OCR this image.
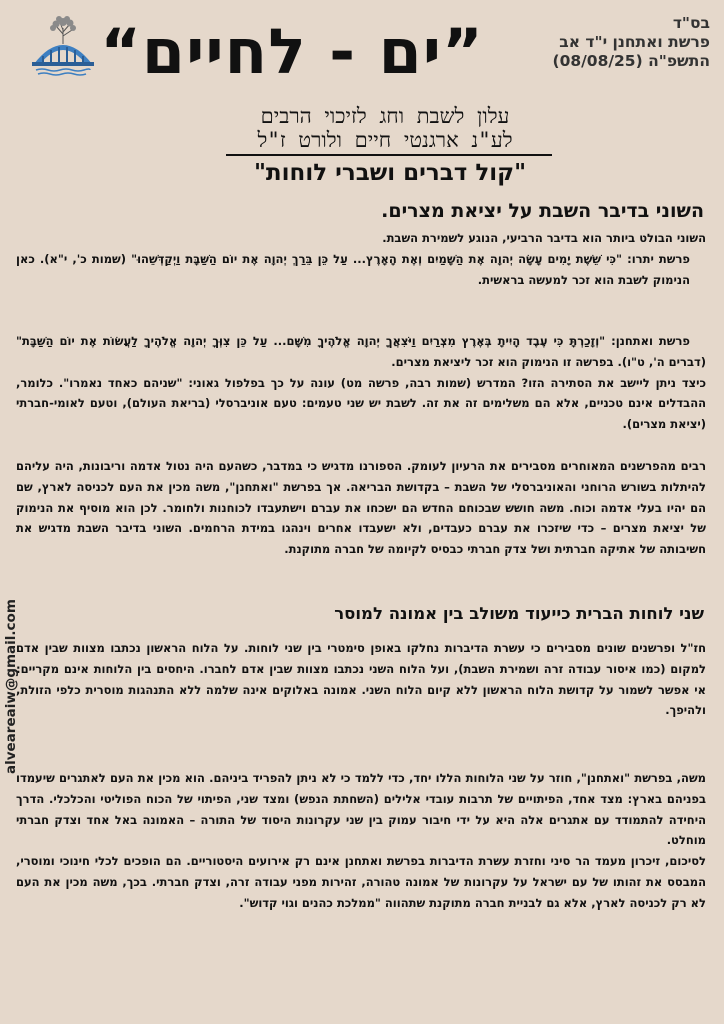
”ים - לחיים“	בס"ד
פרשת ואתחנן י"ד אב
התשפ"ה (08/08/25)
עלון לשבת וחג לזיכוי הרבים
לע"נ ארגנטי חיים ולורט ז"ל
"קול דברים ושברי לוחות"
השוני בדיבר השבת על יציאת מצרים.

השוני הבולט ביותר הוא בדיבר הרביעי, הנוגע לשמירת השבת.

פרשת יתרו: "כִּי שֵׁשֶׁת יָמִים עָשָׂה יְהוָה אֶת הַשָּׁמַיִם וְאֶת הָאָרֶץ... עַל כֵּן בֵּרַךְ יְהוָה אֶת יוֹם הַשַּׁבָּת וַיְקַדְּשֵׁהוּ" (שמות כ', י"א). כאן הנימוק לשבת הוא זכר למעשה בראשית.

פרשת ואתחנן: "וְזָכַרְתָּ כִּי עֶבֶד הָיִיתָ בְּאֶרֶץ מִצְרַיִם וַיֹּצִאֲךָ יְהוָה אֱלֹהֶיךָ מִשָּׁם... עַל כֵּן צִוְּךָ יְהוָה אֱלֹהֶיךָ לַעֲשׂוֹת אֶת יוֹם הַשַּׁבָּת" (דברים ה', ט"ו). בפרשה זו הנימוק הוא זכר ליציאת מצרים.

כיצד ניתן ליישב את הסתירה הזו? המדרש (שמות רבה, פרשה מט) עונה על כך בפלפול גאוני: "שניהם כאחד נאמרו". כלומר, ההבדלים אינם טכניים, אלא הם משלימים זה את זה. לשבת יש שני טעמים: טעם אוניברסלי (בריאת העולם), וטעם לאומי-חברתי (יציאת מצרים).

רבים מהפרשנים המאוחרים מסבירים את הרעיון לעומק. הספורנו מדגיש כי במדבר, כשהעם היה נטול אדמה וריבונות, היה עליהם להיתלות בשורש הרוחני והאוניברסלי של השבת – בקדושת הבריאה. אך בפרשת "ואתחנן", משה מכין את העם לכניסה לארץ, שם הם יהיו בעלי אדמה וכוח. משה חושש שבכוחם החדש הם ישכחו את עברם וישתעבדו לכוחנות ולחומר. לכן הוא מוסיף את הנימוק של יציאת מצרים – כדי שיזכרו את עברם כעבדים, ולא ישעבדו אחרים וינהגו במידת הרחמים. השוני בדיבר השבת מדגיש את חשיבותה של אתיקה חברתית ושל צדק חברתי כבסיס לקיומה של חברה מתוקנת.

שני לוחות הברית כייעוד משולב בין אמונה למוסר

חז"ל ופרשנים שונים מסבירים כי עשרת הדיברות נחלקו באופן סימטרי בין שני לוחות. על הלוח הראשון נכתבו מצוות שבין אדם למקום (כמו איסור עבודה זרה ושמירת השבת), ועל הלוח השני נכתבו מצוות שבין אדם לחברו. היחסים בין הלוחות אינם מקריים: אי אפשר לשמור על קדושת הלוח הראשון ללא קיום הלוח השני. אמונה באלוקים אינה שלמה ללא התנהגות מוסרית כלפי הזולת, ולהיפך.

משה, בפרשת "ואתחנן", חוזר על שני הלוחות הללו יחד, כדי ללמד כי לא ניתן להפריד ביניהם. הוא מכין את העם לאתגרים שיעמדו בפניהם בארץ: מצד אחד, הפיתויים של תרבות עובדי אלילים (השחתת הנפש) ומצד שני, הפיתוי של הכוח הפוליטי והכלכלי. הדרך היחידה להתמודד עם אתגרים אלה היא על ידי חיבור עמוק בין שני עקרונות היסוד של התורה – האמונה באל אחד וצדק חברתי מוחלט.

לסיכום, זיכרון מעמד הר סיני וחזרת עשרת הדיברות בפרשת ואתחנן אינם רק אירועים היסטוריים. הם הופכים לכלי חינוכי ומוסרי, המבסס את זהותו של עם ישראל על עקרונות של אמונה טהורה, זהירות מפני עבודה זרה, וצדק חברתי. בכך, משה מכין את העם לא רק לכניסה לארץ, אלא גם לבניית חברה מתוקנת שתהווה "ממלכת כהנים וגוי קדוש".

alveareaiw@gmail.com
